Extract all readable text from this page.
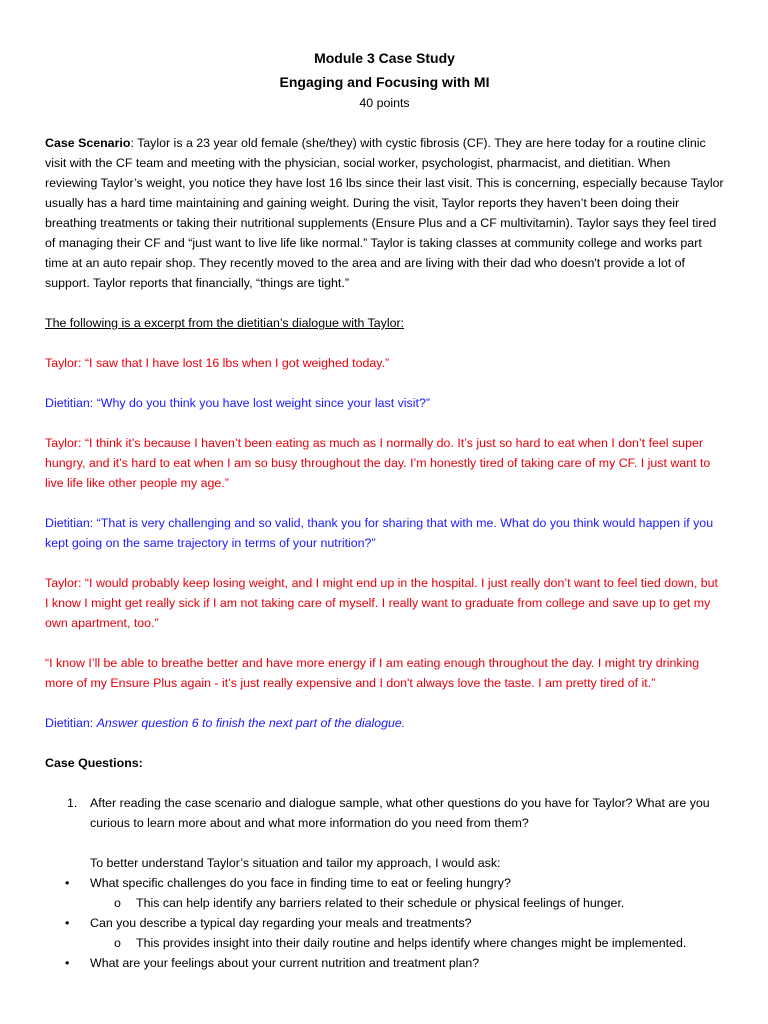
Module 3 Case Study
Engaging and Focusing with MI
40 points

Case Scenario: Taylor is a 23 year old female (she/they) with cystic fibrosis (CF). They are here today for a routine clinic visit with the CF team and meeting with the physician, social worker, psychologist, pharmacist, and dietitian. When reviewing Taylor’s weight, you notice they have lost 16 lbs since their last visit. This is concerning, especially because Taylor usually has a hard time maintaining and gaining weight. During the visit, Taylor reports they haven’t been doing their breathing treatments or taking their nutritional supplements (Ensure Plus and a CF multivitamin). Taylor says they feel tired of managing their CF and “just want to live life like normal.” Taylor is taking classes at community college and works part time at an auto repair shop. They recently moved to the area and are living with their dad who doesn't provide a lot of support. Taylor reports that financially, “things are tight.”

The following is a excerpt from the dietitian’s dialogue with Taylor:

Taylor: “I saw that I have lost 16 lbs when I got weighed today.”

Dietitian: “Why do you think you have lost weight since your last visit?”

Taylor: “I think it’s because I haven’t been eating as much as I normally do. It’s just so hard to eat when I don’t feel super hungry, and it’s hard to eat when I am so busy throughout the day. I’m honestly tired of taking care of my CF. I just want to live life like other people my age.”

Dietitian: “That is very challenging and so valid, thank you for sharing that with me. What do you think would happen if you kept going on the same trajectory in terms of your nutrition?”

Taylor: “I would probably keep losing weight, and I might end up in the hospital. I just really don’t want to feel tied down, but I know I might get really sick if I am not taking care of myself. I really want to graduate from college and save up to get my own apartment, too.”

“I know I’ll be able to breathe better and have more energy if I am eating enough throughout the day. I might try drinking more of my Ensure Plus again - it’s just really expensive and I don't always love the taste. I am pretty tired of it.”

Dietitian: Answer question 6 to finish the next part of the dialogue.

Case Questions:
1. After reading the case scenario and dialogue sample, what other questions do you have for Taylor? What are you curious to learn more about and what more information do you need from them?
To better understand Taylor’s situation and tailor my approach, I would ask:
• What specific challenges do you face in finding time to eat or feeling hungry?
o This can help identify any barriers related to their schedule or physical feelings of hunger.
• Can you describe a typical day regarding your meals and treatments?
o This provides insight into their daily routine and helps identify where changes might be implemented.
• What are your feelings about your current nutrition and treatment plan?
